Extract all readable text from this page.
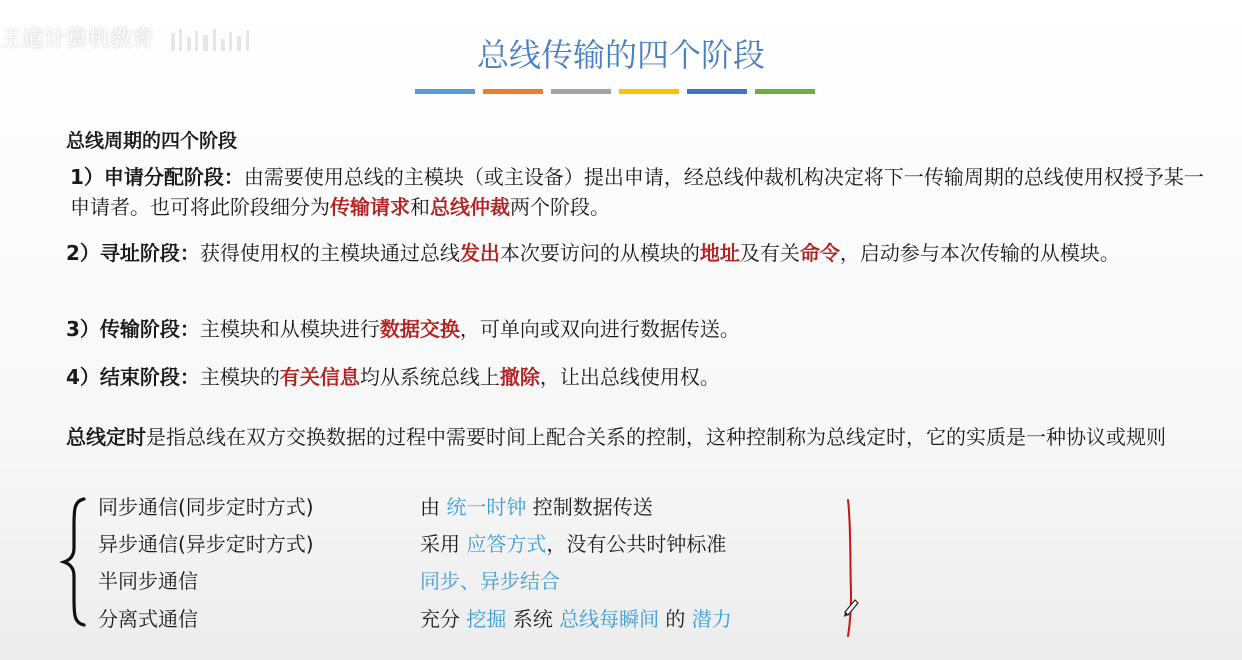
王道计算机教育	总线传输的四个阶段
总线周期的四个阶段
1）申请分配阶段：由需要使用总线的主模块（或主设备）提出申请，经总线仲裁机构决定将下一传输周期的总线使用权授予某一申请者。也可将此阶段细分为传输请求和总线仲裁两个阶段。
2）寻址阶段：获得使用权的主模块通过总线发出本次要访问的从模块的地址及有关命令，启动参与本次传输的从模块。
3）传输阶段：主模块和从模块进行数据交换，可单向或双向进行数据传送。
4）结束阶段：主模块的有关信息均从系统总线上撤除，让出总线使用权。
总线定时是指总线在双方交换数据的过程中需要时间上配合关系的控制，这种控制称为总线定时，它的实质是一种协议或规则
同步通信(同步定时方式)	由 统一时钟 控制数据传送
异步通信(异步定时方式)	采用 应答方式，没有公共时钟标准
半同步通信	同步、异步结合
分离式通信	充分 挖掘 系统 总线每瞬间 的 潜力
